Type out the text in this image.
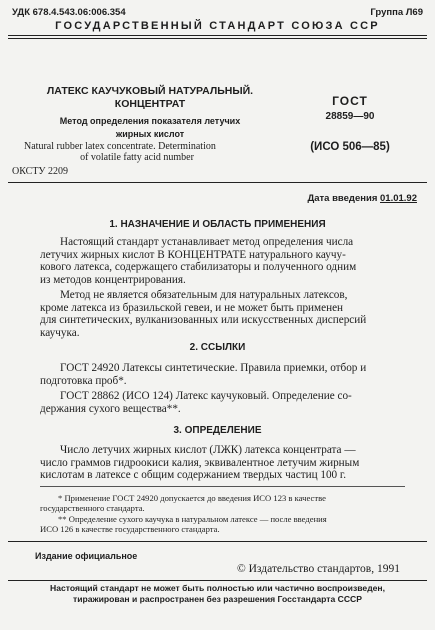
УДК 678.4.543.06:006.354	Группа Л69
ГОСУДАРСТВЕННЫЙ СТАНДАРТ СОЮЗА ССР
ЛАТЕКС КАУЧУКОВЫЙ НАТУРАЛЬНЫЙ.
КОНЦЕНТРАТ
Метод определения показателя летучих
жирных кислот
Natural rubber latex concentrate. Determination
of volatile fatty acid number
ОКСТУ 2209
ГОСТ
28859—90
(ИСО 506—85)
Дата введения 01.01.92
1. НАЗНАЧЕНИЕ И ОБЛАСТЬ ПРИМЕНЕНИЯ
Настоящий стандарт устанавливает метод определения числа
летучих жирных кислот В КОНЦЕНТРАТЕ натурального каучу-
кового латекса, содержащего стабилизаторы и полученного одним
из методов концентрирования.
Метод не является обязательным для натуральных латексов,
кроме латекса из бразильской гевеи, и не может быть применен
для синтетических, вулканизованных или искусственных дисперсий
каучука.
2. ССЫЛКИ
ГОСТ 24920 Латексы синтетические. Правила приемки, отбор и
подготовка проб*.
ГОСТ 28862 (ИСО 124) Латекс каучуковый. Определение со-
держания сухого вещества**.
3. ОПРЕДЕЛЕНИЕ
Число летучих жирных кислот (ЛЖК) латекса концентрата —
число граммов гидроокиси калия, эквивалентное летучим жирным
кислотам в латексе с общим содержанием твердых частиц 100 г.
* Применение ГОСТ 24920 допускается до введения ИСО 123 в качестве
государственного стандарта.
** Определение сухого каучука в натуральном латексе — после введения
ИСО 126 в качестве государственного стандарта.
Издание официальное
© Издательство стандартов, 1991
Настоящий стандарт не может быть полностью или частично воспроизведен,
тиражирован и распространен без разрешения Госстандарта СССР
